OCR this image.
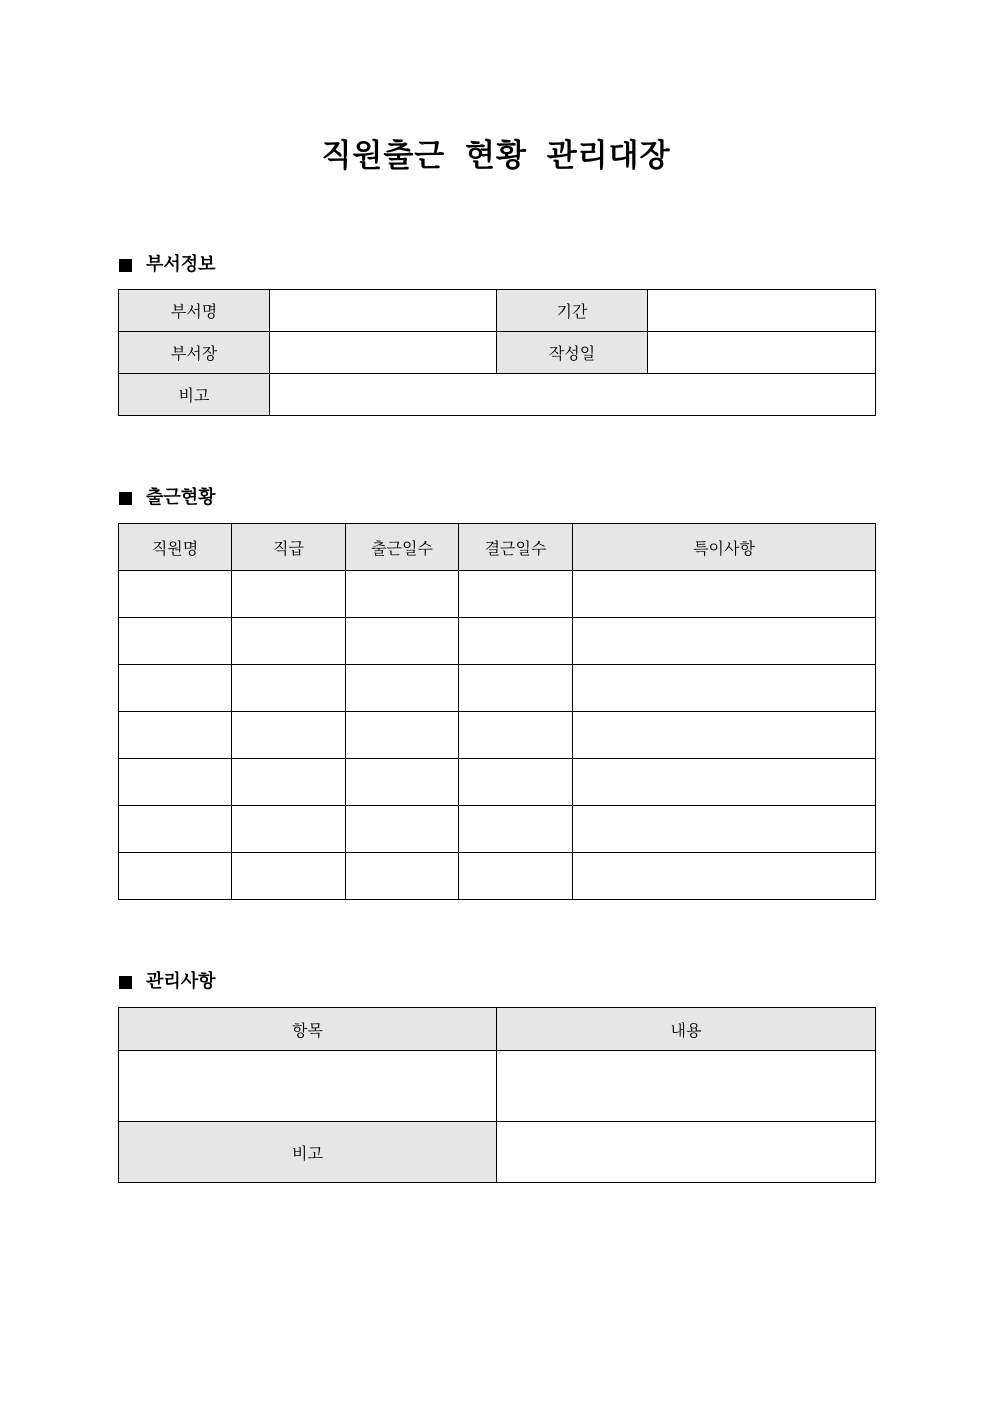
직원출근 현황 관리대장
부서정보
부서명		기간	
부서장		작성일	
비고			
출근현황
직원명	직급	출근일수	결근일수	특이사항

관리사항
항목	내용

비고	
